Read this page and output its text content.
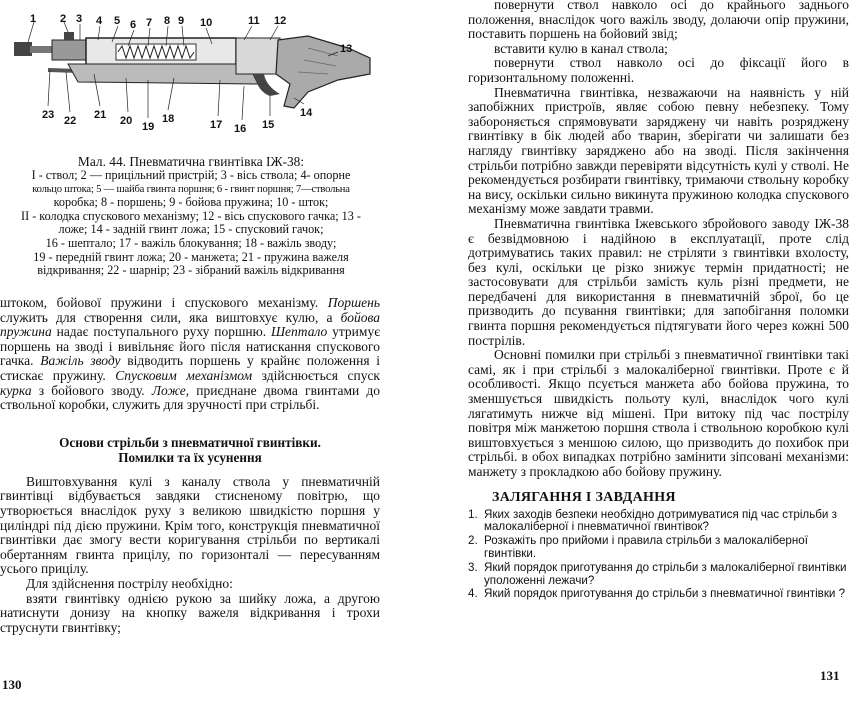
1 2 3 4 5 6 7 8 9 10	11 12
13
14
15
16
17
18
19
20
21
22
23
Мал. 44. Пневматична гвинтівка ІЖ-38:
І - ствол; 2 — прицільний пристрій; 3 - вісь ствола; 4- опорне
кольцо штока; 5 — шайба гвинта поршня; 6 - гвинт поршня; 7—ствольна
коробка; 8 - поршень; 9 - бойова пружина; 10 - шток;
ІІ - колодка спускового механізму; 12 - вісь спускового гачка; 13 - ложе; 14 - задній гвинт ложа; 15 - спусковий гачок;
16 - шептало; 17 - важіль блокування; 18 - важіль зводу;
19 - передній гвинт ложа; 20 - манжета; 21 - пружина важеля відкривання; 22 - шарнір; 23 - зібраний важіль відкривання

штоком, бойової пружини і спускового механізму. Поршень служить для створення сили, яка виштовхує кулю, а бойова пружина надає поступального руху поршню. Шептало утримує поршень на зводі і вивільняє його після натискання спускового гачка. Важіль зводу відводить поршень у крайнє положення і стискає пружину. Спусковим механізмом здійснюється спуск курка з бойового зводу. Ложе, приєднане двома гвинтами до ствольної коробки, служить для зручності при стрільбі.

Основи стрільби з пневматичної гвинтівки.
Помилки та їх усунення

Виштовхування кулі з каналу ствола у пневматичній гвинтівці відбувається завдяки стисненому повітрю, що утворюється внаслідок руху з великою швидкістю поршня у циліндрі під дією пружини. Крім того, конструкція пневматичної гвинтівки дає змогу вести коригування стрільби по вертикалі обертанням гвинта прицілу, по горизонталі — пересуванням усього прицілу.

Для здійснення пострілу необхідно:

взяти гвинтівку однією рукою за шийку ложа, а другою натиснути донизу на кнопку важеля відкривання і трохи струснути гвинтівку;

130

повернути ствол навколо осі до крайнього заднього положення, внаслідок чого важіль зводу, долаючи опір пружини, поставить поршень на бойовий звід;

вставити кулю в канал ствола;

повернути ствол навколо осі до фіксації його в горизонтальному положенні.

Пневматична гвинтівка, незважаючи на наявність у ній запобіжних пристроїв, являє собою певну небезпеку. Тому забороняється спрямовувати заряджену чи навіть розряджену гвинтівку в бік людей або тварин, зберігати чи залишати без нагляду гвинтівку заряджено або на зводі. Після закінчення стрільби потрібно завжди перевіряти відсутність кулі у стволі. Не рекомендується розбирати гвинтівку, тримаючи ствольну коробку на вису, оскільки сильно викинута пружиною колодка спускового механізму може завдати травми.

Пневматична гвинтівка Іжевського збройового заводу ІЖ-38 є безвідмовною і надійною в експлуатації, проте слід дотримуватись таких правил: не стріляти з гвинтівки вхолосту, без кулі, оскільки це різко знижує термін придатності; не застосовувати для стрільби замість куль різні предмети, не передбачені для використання в пневматичній зброї, бо це призводить до псування гвинтівки; для запобігання поломки гвинта поршня рекомендується підтягувати його через кожні 500 пострілів.

Основні помилки при стрільбі з пневматичної гвинтівки такі самі, як і при стрільбі з малокаліберної гвинтівки. Проте є й особливості. Якщо псується манжета або бойова пружина, то зменшується швидкість польоту кулі, внаслідок чого кулі лягатимуть нижче від мішені. При витоку під час пострілу повітря між манжетою поршня ствола і ствольною коробкою кулі виштовхується з меншою силою, що призводить до похибок при стрільбі. в обох випадках потрібно замінити зіпсовані механізми: манжету з прокладкою або бойову пружину.

ЗАЛЯГАННЯ І ЗАВДАННЯ
1. Яких заходів безпеки необхідно дотримуватися під час стрільби з малокаліберної і пневматичної гвинтівок?
2. Розкажіть про прийоми і правила стрільби з малокаліберної гвинтівки.
3. Який порядок приготування до стрільби з малокаліберної гвинтівки уположенні лежачи?
4. Який порядок приготування до стрільби з пневматичної гвинтівки ?
131
